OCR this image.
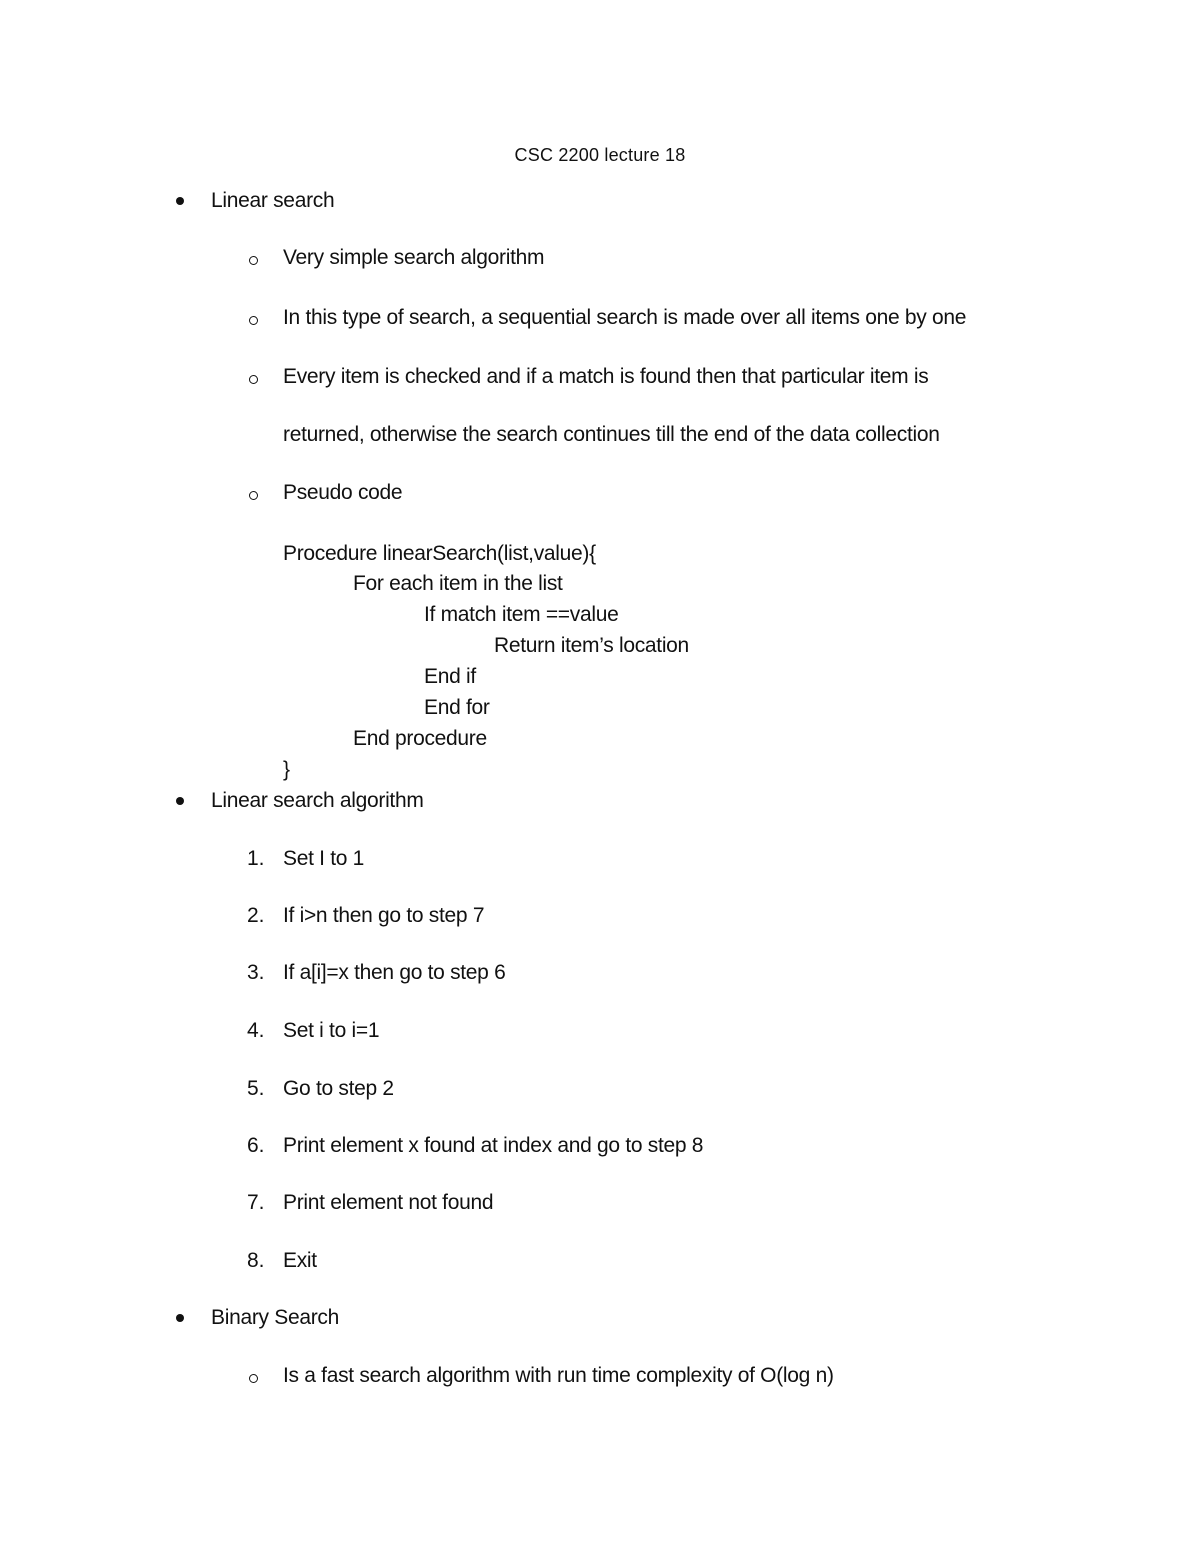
CSC 2200 lecture 18
Linear search
Very simple search algorithm
In this type of search, a sequential search is made over all items one by one
Every item is checked and if a match is found then that particular item is
returned, otherwise the search continues till the end of the data collection
Pseudo code
Procedure linearSearch(list,value){
For each item in the list
If match item ==value
Return item’s location
End if
End for
End procedure
}
Linear search algorithm
1. Set I to 1
2. If i>n then go to step 7
3. If a[i]=x then go to step 6
4. Set i to i=1
5. Go to step 2
6. Print element x found at index and go to step 8
7. Print element not found
8. Exit
Binary Search
Is a fast search algorithm with run time complexity of O(log n)
